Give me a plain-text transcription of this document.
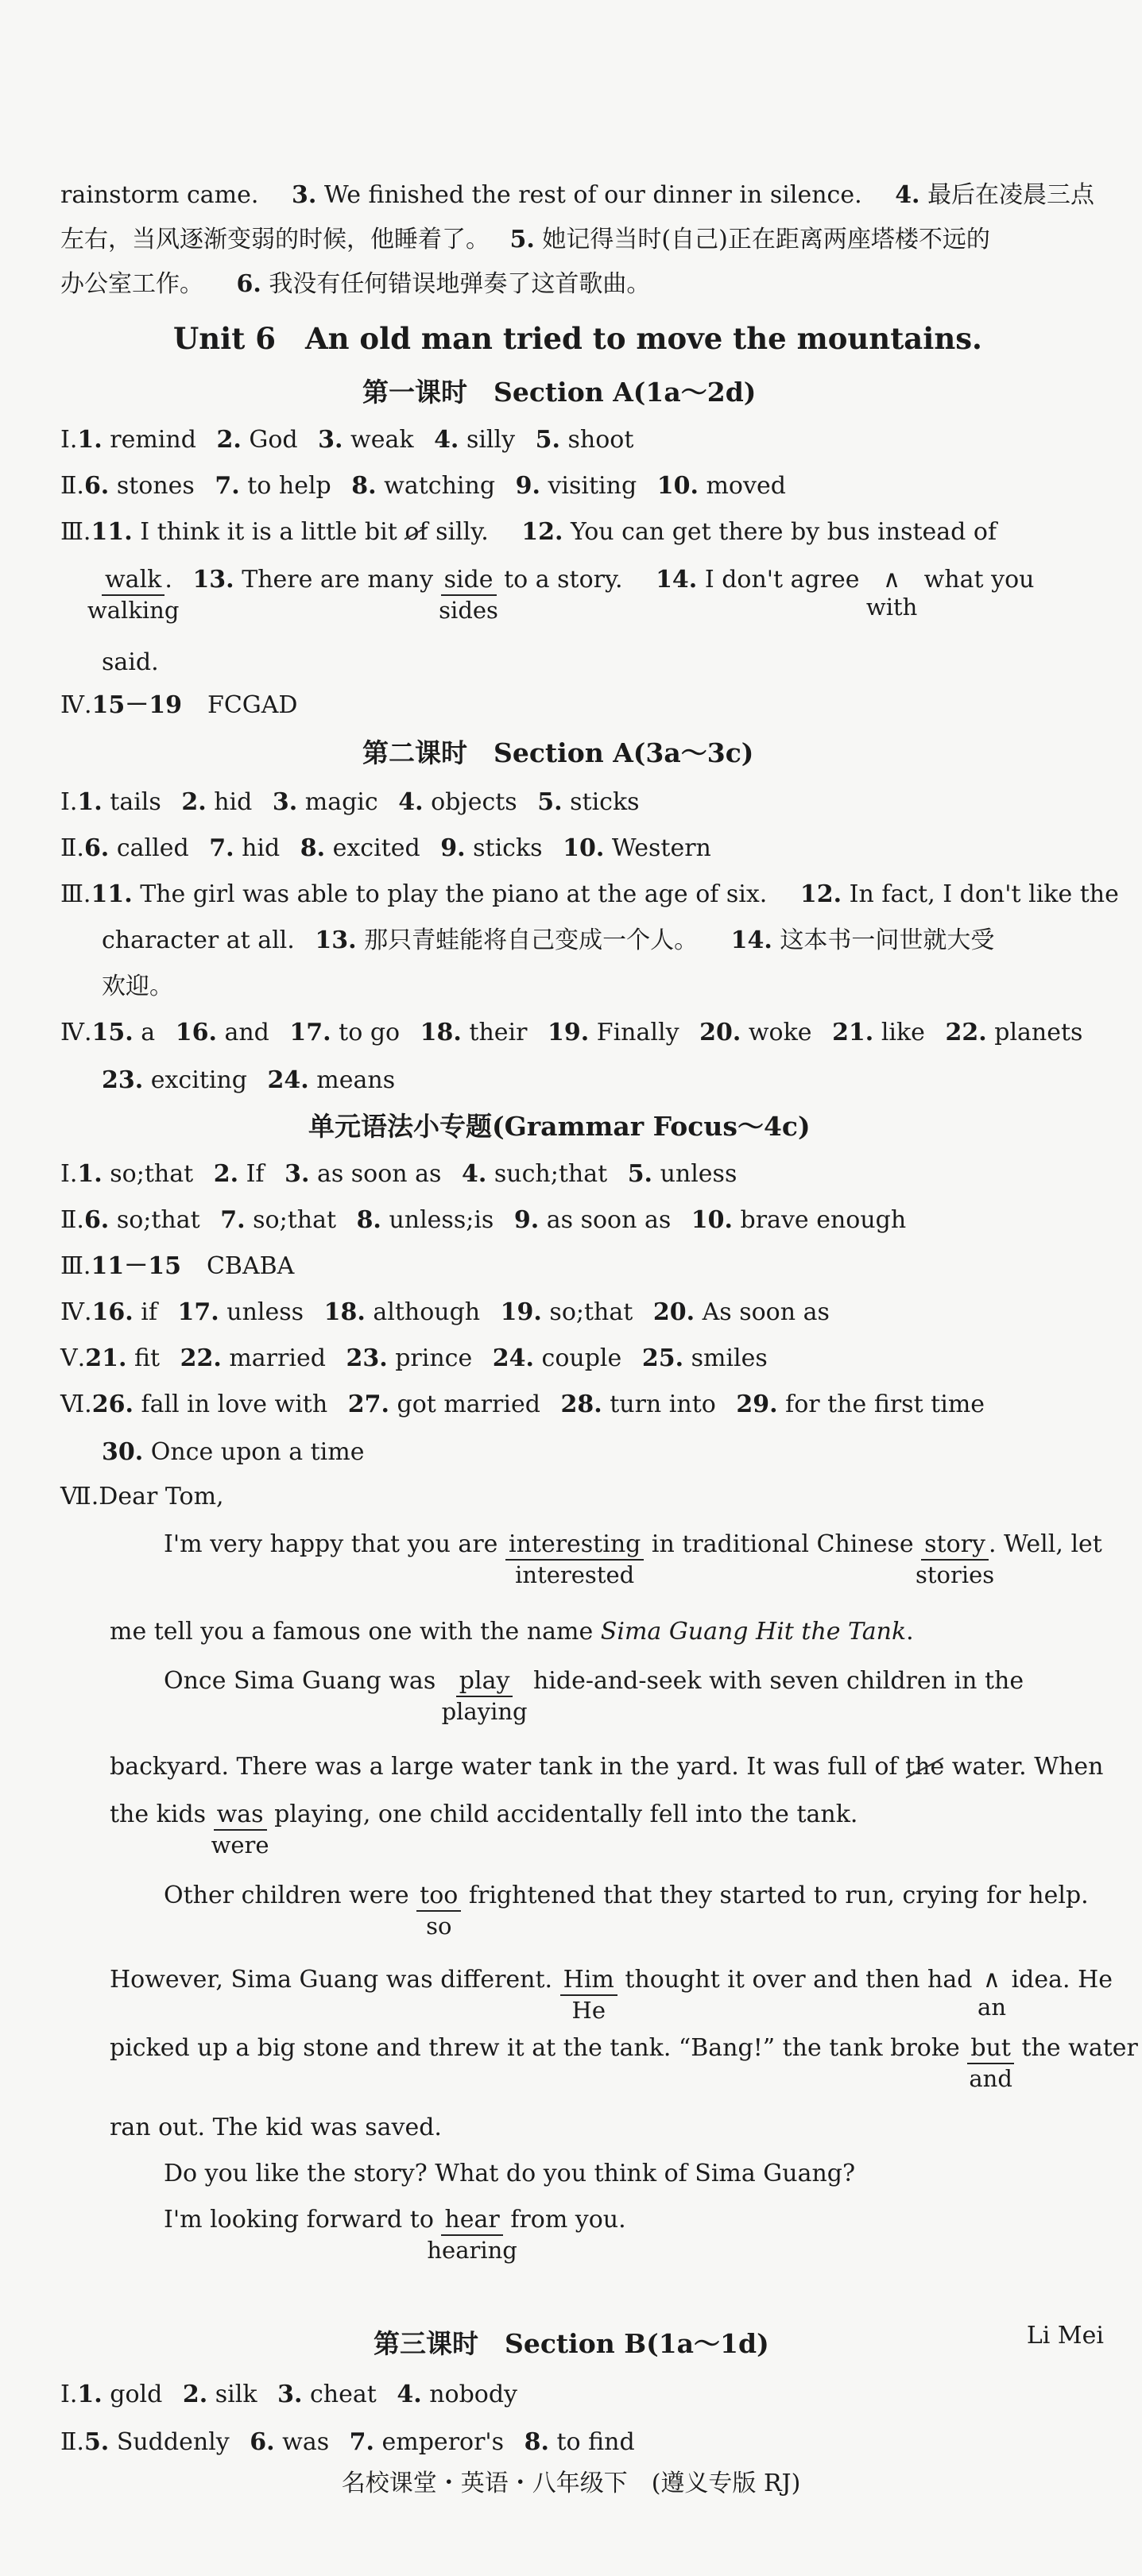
rainstorm came. 3. We finished the rest of our dinner in silence. 4. 最后在凌晨三点
左右，当风逐渐变弱的时候，他睡着了。 5. 她记得当时(自己)正在距离两座塔楼不远的
办公室工作。 6. 我没有任何错误地弹奏了这首歌曲。
Unit 6　An old man tried to move the mountains.
第一课时　Section A(1a～2d)
Ⅰ.1. remind 2. God 3. weak 4. silly 5. shoot
Ⅱ.6. stones 7. to help 8. watching 9. visiting 10. moved
Ⅲ.11. I think it is a little bit of silly. 12. You can get there by bus instead of
walk
walking
. 13. There are many side
sides
to a story. 14. I don't agree ∧
with
what you
said.
Ⅳ.15－19 FCGAD
第二课时　Section A(3a～3c)
Ⅰ.1. tails 2. hid 3. magic 4. objects 5. sticks
Ⅱ.6. called 7. hid 8. excited 9. sticks 10. Western
Ⅲ.11. The girl was able to play the piano at the age of six. 12. In fact, I don't like the
character at all. 13. 那只青蛙能将自己变成一个人。 14. 这本书一问世就大受
欢迎。
Ⅳ.15. a 16. and 17. to go 18. their 19. Finally 20. woke 21. like 22. planets
23. exciting 24. means
单元语法小专题(Grammar Focus～4c)
Ⅰ.1. so;that 2. If 3. as soon as 4. such;that 5. unless
Ⅱ.6. so;that 7. so;that 8. unless;is 9. as soon as 10. brave enough
Ⅲ.11－15 CBABA
Ⅳ.16. if 17. unless 18. although 19. so;that 20. As soon as
Ⅴ.21. fit 22. married 23. prince 24. couple 25. smiles
Ⅵ.26. fall in love with 27. got married 28. turn into 29. for the first time
30. Once upon a time
Ⅶ.Dear Tom,
I'm very happy that you are interesting
interested
in traditional Chinese story
stories
. Well, let
me tell you a famous one with the name Sima Guang Hit the Tank.
Once Sima Guang was play
playing
hide-and-seek with seven children in the
backyard. There was a large water tank in the yard. It was full of the water. When
the kids was
were
playing, one child accidentally fell into the tank.
Other children were too
so
frightened that they started to run, crying for help.
However, Sima Guang was different. Him
He
thought it over and then had ∧
an
idea. He
picked up a big stone and threw it at the tank. “Bang!” the tank broke but
and
the water
ran out. The kid was saved.
Do you like the story? What do you think of Sima Guang?
I'm looking forward to hear
hearing
from you.
Li Mei
第三课时　Section B(1a～1d)
Ⅰ.1. gold 2. silk 3. cheat 4. nobody
Ⅱ.5. Suddenly 6. was 7. emperor's 8. to find
名校课堂・英语・八年级下　(遵义专版 RJ)
